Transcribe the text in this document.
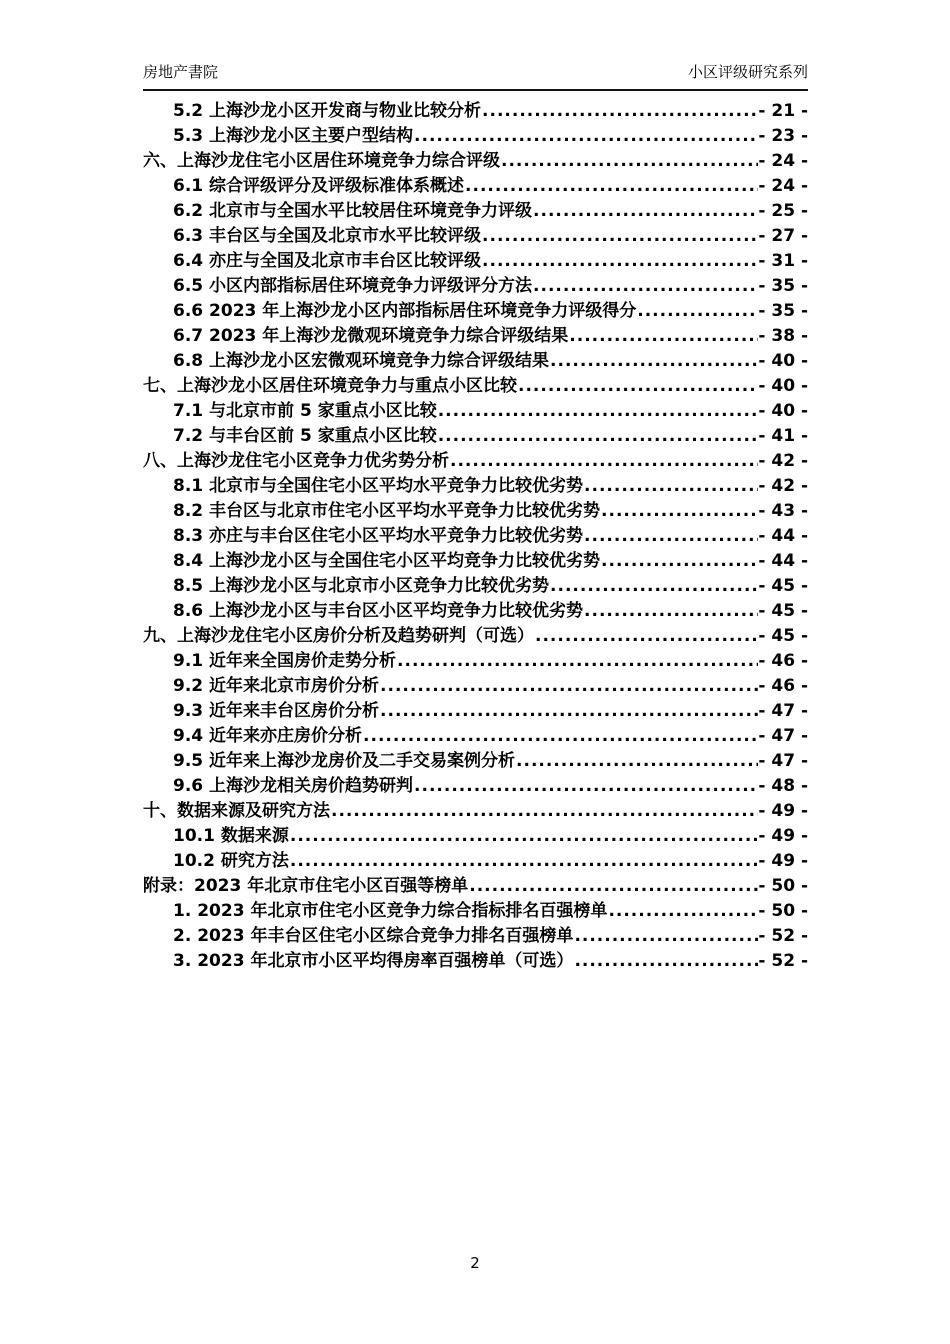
房地产書院	小区评级研究系列
5.2 上海沙龙小区开发商与物业比较分析 .....	- 21 -
5.3 上海沙龙小区主要户型结构 .....	- 23 -
六、上海沙龙住宅小区居住环境竞争力综合评级 .....	- 24 -
6.1 综合评级评分及评级标准体系概述 .....	- 24 -
6.2 北京市与全国水平比较居住环境竞争力评级 .....	- 25 -
6.3 丰台区与全国及北京市水平比较评级 .....	- 27 -
6.4 亦庄与全国及北京市丰台区比较评级 .....	- 31 -
6.5 小区内部指标居住环境竞争力评级评分方法 .....	- 35 -
6.6 2023 年上海沙龙小区内部指标居住环境竞争力评级得分 .....	- 35 -
6.7 2023 年上海沙龙微观环境竞争力综合评级结果 .....	- 38 -
6.8 上海沙龙小区宏微观环境竞争力综合评级结果 .....	- 40 -
七、上海沙龙小区居住环境竞争力与重点小区比较 .....	- 40 -
7.1 与北京市前 5 家重点小区比较 .....	- 40 -
7.2 与丰台区前 5 家重点小区比较 .....	- 41 -
八、上海沙龙住宅小区竞争力优劣势分析 .....	- 42 -
8.1 北京市与全国住宅小区平均水平竞争力比较优劣势 .....	- 42 -
8.2 丰台区与北京市住宅小区平均水平竞争力比较优劣势 .....	- 43 -
8.3 亦庄与丰台区住宅小区平均水平竞争力比较优劣势 .....	- 44 -
8.4 上海沙龙小区与全国住宅小区平均竞争力比较优劣势 .....	- 44 -
8.5 上海沙龙小区与北京市小区竞争力比较优劣势 .....	- 45 -
8.6 上海沙龙小区与丰台区小区平均竞争力比较优劣势 .....	- 45 -
九、上海沙龙住宅小区房价分析及趋势研判（可选） .....	- 45 -
9.1 近年来全国房价走势分析 .....	- 46 -
9.2 近年来北京市房价分析 .....	- 46 -
9.3 近年来丰台区房价分析 .....	- 47 -
9.4 近年来亦庄房价分析 .....	- 47 -
9.5 近年来上海沙龙房价及二手交易案例分析 .....	- 47 -
9.6 上海沙龙相关房价趋势研判 .....	- 48 -
十、数据来源及研究方法 .....	- 49 -
10.1 数据来源 .....	- 49 -
10.2 研究方法 .....	- 49 -
附录：2023 年北京市住宅小区百强等榜单 .....	- 50 -
1. 2023 年北京市住宅小区竞争力综合指标排名百强榜单 .....	- 50 -
2. 2023 年丰台区住宅小区综合竞争力排名百强榜单 .....	- 52 -
3. 2023 年北京市小区平均得房率百强榜单（可选） .....	- 52 -
2
